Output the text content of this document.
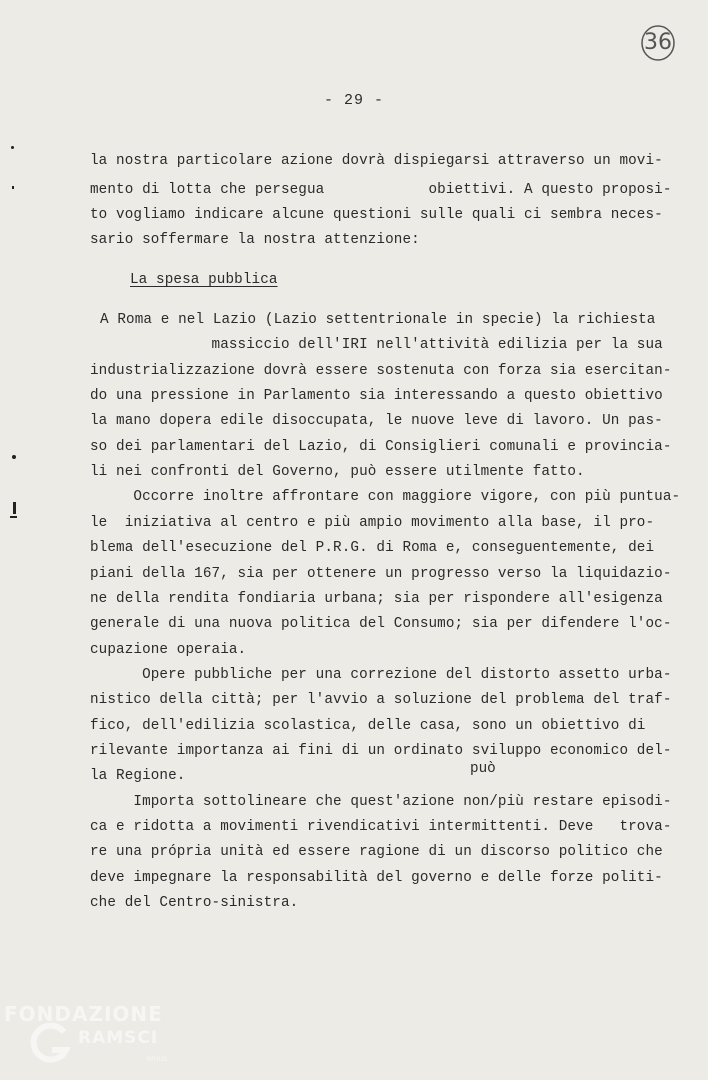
36
- 29 -
la nostra particolare azione dovrà dispiegarsi attraverso un movi-
mento di lotta che persegua            obiettivi. A questo proposi-
to vogliamo indicare alcune questioni sulle quali ci sembra neces-
sario soffermare la nostra attenzione:
La spesa pubblica
A Roma e nel Lazio (Lazio settentrionale in specie) la richiesta
massiccio dell'IRI nell'attività edilizia per la sua
industrializzazione dovrà essere sostenuta con forza sia esercitan-
do una pressione in Parlamento sia interessando a questo obiettivo
la mano dopera edile disoccupata, le nuove leve di lavoro. Un pas-
so dei parlamentari del Lazio, di Consiglieri comunali e provincia-
li nei confronti del Governo, può essere utilmente fatto.
Occorre inoltre affrontare con maggiore vigore, con più puntua-
le  iniziativa al centro e più ampio movimento alla base, il pro-
blema dell'esecuzione del P.R.G. di Roma e, conseguentemente, dei
piani della 167, sia per ottenere un progresso verso la liquidazio-
ne della rendita fondiaria urbana; sia per rispondere all'esigenza
generale di una nuova politica del Consumo; sia per difendere l'oc-
cupazione operaia.
Opere pubbliche per una correzione del distorto assetto urba-
nistico della città; per l'avvio a soluzione del problema del traf-
fico, dell'edilizia scolastica, delle casa, sono un obiettivo di
rilevante importanza ai fini di un ordinato sviluppo economico del-
la Regione.
Importa sottolineare che quest'azione non/più restare episodi-
ca e ridotta a movimenti rivendicativi intermittenti. Deve   trova-
re una própria unità ed essere ragione di un discorso politico che
deve impegnare la responsabilità del governo e delle forze politi-
che del Centro-sinistra.
può
FONDAZIONE
RAMSCI
onlus
